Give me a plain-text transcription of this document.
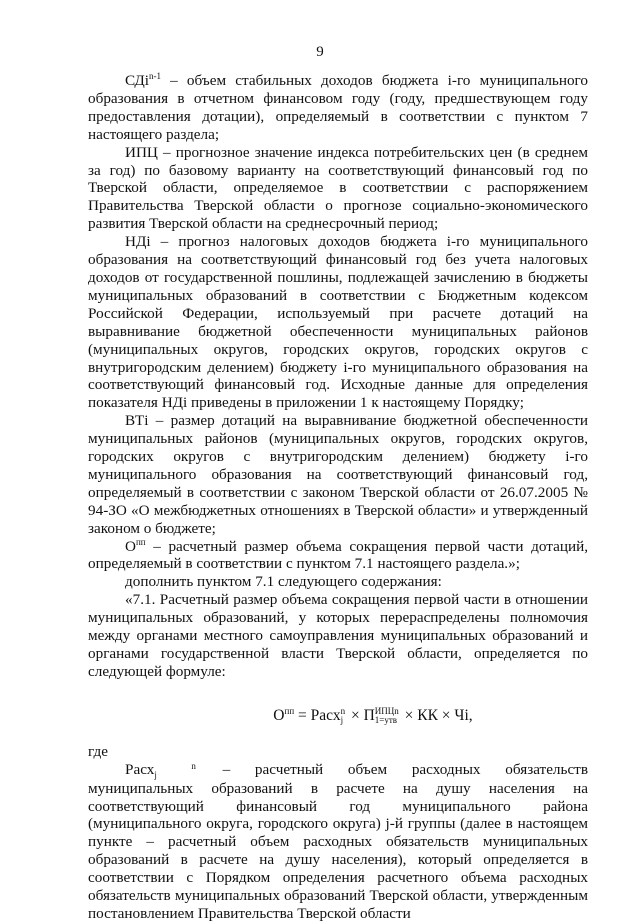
9

СДi$^{n-1}$ – объем стабильных доходов бюджета i-го муниципального образования в отчетном финансовом году (году, предшествующем году предоставления дотации), определяемый в соответствии с пунктом 7 настоящего раздела;

ИПЦ – прогнозное значение индекса потребительских цен (в среднем за год) по базовому варианту на соответствующий финансовый год по Тверской области, определяемое в соответствии с распоряжением Правительства Тверской области о прогнозе социально-экономического развития Тверской области на среднесрочный период;

НДi – прогноз налоговых доходов бюджета i-го муниципального образования на соответствующий финансовый год без учета налоговых доходов от государственной пошлины, подлежащей зачислению в бюджеты муниципальных образований в соответствии с Бюджетным кодексом Российской Федерации, используемый при расчете дотаций на выравнивание бюджетной обеспеченности муниципальных районов (муниципальных округов, городских округов, городских округов с внутригородским делением) бюджету i-го муниципального образования на соответствующий финансовый год. Исходные данные для определения показателя НДi приведены в приложении 1 к настоящему Порядку;

ВТi – размер дотаций на выравнивание бюджетной обеспеченности муниципальных районов (муниципальных округов, городских округов, городских округов с внутригородским делением) бюджету i-го муниципального образования на соответствующий финансовый год, определяемый в соответствии с законом Тверской области от 26.07.2005 № 94-ЗО «О межбюджетных отношениях в Тверской области» и утвержденный законом о бюджете;

$О^{пп}$ – расчетный размер объема сокращения первой части дотаций, определяемый в соответствии с пунктом 7.1 настоящего раздела.»;

дополнить пунктом 7.1 следующего содержания:

«7.1. Расчетный размер объема сокращения первой части в отношении муниципальных образований, у которых перераспределены полномочия между органами местного самоуправления муниципальных образований и органами государственной власти Тверской области, определяется по следующей формуле:

$О^{пп}$ = Расхn
j × ПИПЦn
1=утв × КК × Чi,

где

Расх	n
j	– расчетный объем расходных обязательств муниципальных образований в расчете на душу населения на соответствующий финансовый год муниципального района (муниципального округа, городского округа) j-й группы (далее в настоящем пункте – расчетный объем расходных обязательств муниципальных образований в расчете на душу населения), который определяется в соответствии с Порядком определения расчетного объема расходных обязательств муниципальных образований Тверской области, утвержденным постановлением Правительства Тверской области
